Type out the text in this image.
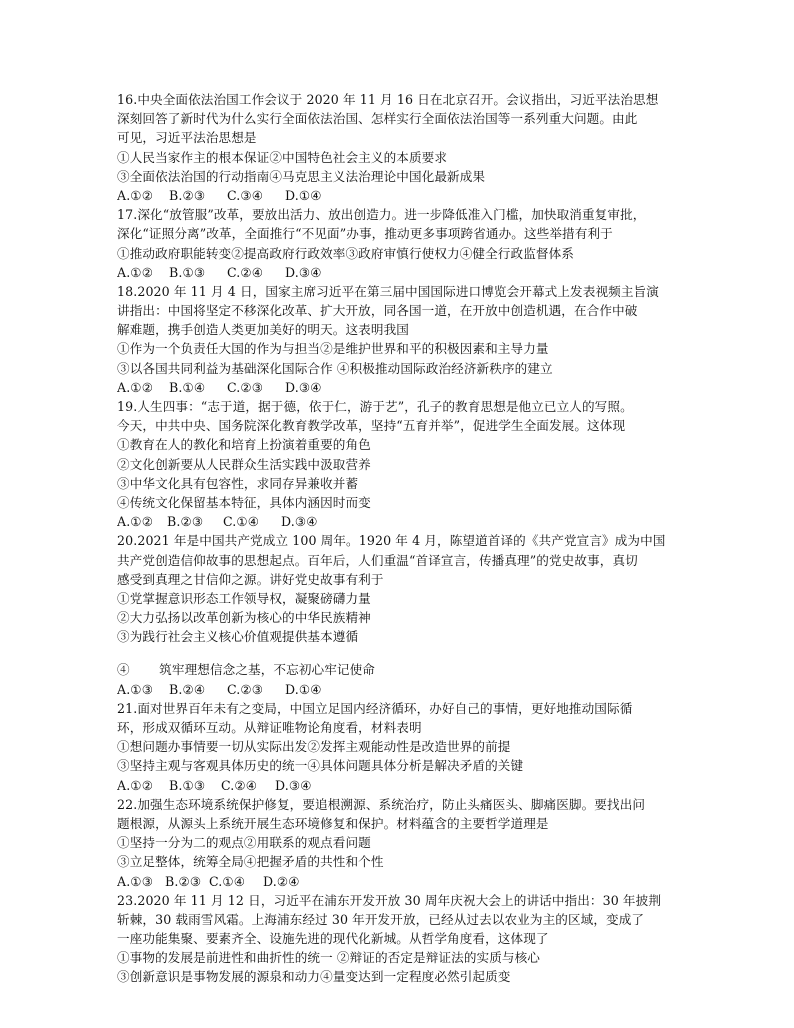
16.中央全面依法治国工作会议于 2020 年 11 月 16 日在北京召开。会议指出，习近平法治思想
深刻回答了新时代为什么实行全面依法治国、怎样实行全面依法治国等一系列重大问题。由此
可见，习近平法治思想是
①人民当家作主的根本保证②中国特色社会主义的本质要求
③全面依法治国的行动指南④马克思主义法治理论中国化最新成果
A.①② B.②③ C.③④ D.①④
17.深化“放管服”改革，要放出活力、放出创造力。进一步降低准入门槛，加快取消重复审批，
深化“证照分离”改革，全面推行“不见面”办事，推动更多事项跨省通办。这些举措有利于
①推动政府职能转变②提高政府行政效率③政府审慎行使权力④健全行政监督体系
A.①② B.①③ C.②④ D.③④
18.2020 年 11 月 4 日，国家主席习近平在第三届中国国际进口博览会开幕式上发表视频主旨演
讲指出：中国将坚定不移深化改革、扩大开放，同各国一道，在开放中创造机遇，在合作中破
解难题，携手创造人类更加美好的明天。这表明我国
①作为一个负责任大国的作为与担当②是维护世界和平的积极因素和主导力量
③以各国共同利益为基础深化国际合作 ④积极推动国际政治经济新秩序的建立
A.①② B.①④ C.②③ D.③④
19.人生四事：“志于道，据于德，依于仁，游于艺”，孔子的教育思想是他立已立人的写照。
今天，中共中央、国务院深化教育教学改革，坚持“五育并举”，促进学生全面发展。这体现
①教育在人的教化和培育上扮演着重要的角色
②文化创新要从人民群众生活实践中汲取营养
③中华文化具有包容性，求同存异兼收并蓄
④传统文化保留基本特征，具体内涵因时而变
A.①②B.②③ C.①④ D.③④
20.2021 年是中国共产党成立 100 周年。1920 年 4 月，陈望道首译的《共产党宣言》成为中国
共产党创造信仰故事的思想起点。百年后，人们重温“首译宣言，传播真理”的党史故事，真切
感受到真理之甘信仰之源。讲好党史故事有利于
①党掌握意识形态工作领导权，凝聚磅礴力量
②大力弘扬以改革创新为核心的中华民族精神
③为践行社会主义核心价值观提供基本遵循
④ 　　筑牢理想信念之基，不忘初心牢记使命
A.①③ B.②④ C.②③ D.①④
21.面对世界百年未有之变局，中国立足国内经济循环，办好自己的事情，更好地推动国际循
环，形成双循环互动。从辩证唯物论角度看，材料表明
①想问题办事情要一切从实际出发②发挥主观能动性是改造世界的前提
③坚持主观与客观具体历史的统一④具体问题具体分析是解决矛盾的关键
A.①② B.①③ C.②④ D.③④
22.加强生态环境系统保护修复，要追根溯源、系统治疗，防止头痛医头、脚痛医脚。要找出问
题根源，从源头上系统开展生态环境修复和保护。材料蕴含的主要哲学道理是
①坚持一分为二的观点②用联系的观点看问题
③立足整体，统筹全局④把握矛盾的共性和个性
A.①③ B.②③ C.①④ D.②④
23.2020 年 11 月 12 日，习近平在浦东开发开放 30 周年庆祝大会上的讲话中指出：30 年披荆
斩棘，30 载雨雪风霜。上海浦东经过 30 年开发开放，已经从过去以农业为主的区域，变成了
一座功能集聚、要素齐全、设施先进的现代化新城。从哲学角度看，这体现了
①事物的发展是前进性和曲折性的统一 ②辩证的否定是辩证法的实质与核心
③创新意识是事物发展的源泉和动力④量变达到一定程度必然引起质变
